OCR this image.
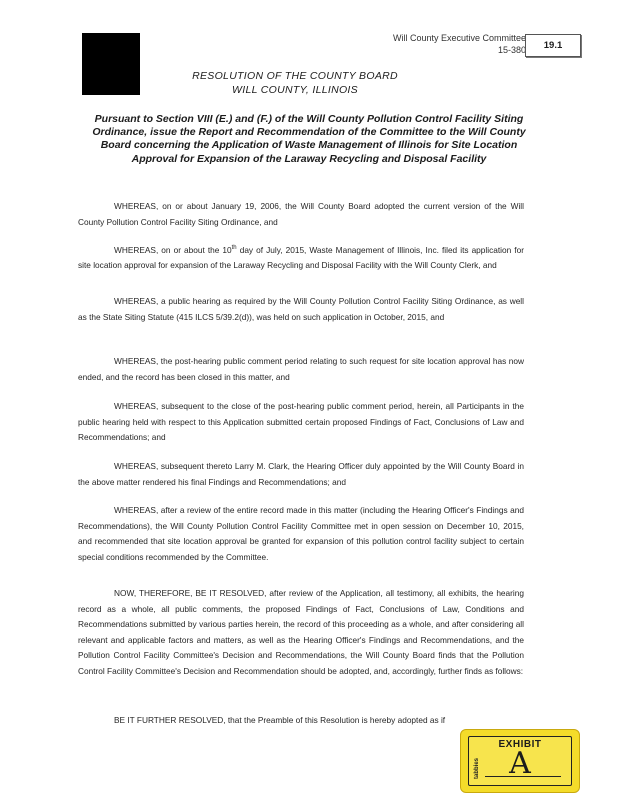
Will County Executive Committee
15-380	19.1
RESOLUTION OF THE COUNTY BOARD
WILL COUNTY, ILLINOIS
Pursuant to Section VIII (E.) and (F.) of the Will County Pollution Control Facility Siting Ordinance, issue the Report and Recommendation of the Committee to the Will County Board concerning the Application of Waste Management of Illinois for Site Location Approval for Expansion of the Laraway Recycling and Disposal Facility
WHEREAS, on or about January 19, 2006, the Will County Board adopted the current version of the Will County Pollution Control Facility Siting Ordinance, and
WHEREAS, on or about the 10th day of July, 2015, Waste Management of Illinois, Inc. filed its application for site location approval for expansion of the Laraway Recycling and Disposal Facility with the Will County Clerk, and
WHEREAS, a public hearing as required by the Will County Pollution Control Facility Siting Ordinance, as well as the State Siting Statute (415 ILCS 5/39.2(d)), was held on such application in October, 2015, and
WHEREAS, the post-hearing public comment period relating to such request for site location approval has now ended, and the record has been closed in this matter, and
WHEREAS, subsequent to the close of the post-hearing public comment period, herein, all Participants in the public hearing held with respect to this Application submitted certain proposed Findings of Fact, Conclusions of Law and Recommendations; and
WHEREAS, subsequent thereto Larry M. Clark, the Hearing Officer duly appointed by the Will County Board in the above matter rendered his final Findings and Recommendations; and
WHEREAS, after a review of the entire record made in this matter (including the Hearing Officer's Findings and Recommendations), the Will County Pollution Control Facility Committee met in open session on December 10, 2015, and recommended that site location approval be granted for expansion of this pollution control facility subject to certain special conditions recommended by the Committee.
NOW, THEREFORE, BE IT RESOLVED, after review of the Application, all testimony, all exhibits, the hearing record as a whole, all public comments, the proposed Findings of Fact, Conclusions of Law, Conditions and Recommendations submitted by various parties herein, the record of this proceeding as a whole, and after considering all relevant and applicable factors and matters, as well as the Hearing Officer's Findings and Recommendations, and the Pollution Control Facility Committee's Decision and Recommendations, the Will County Board finds that the Pollution Control Facility Committee's Decision and Recommendation should be adopted, and, accordingly, further finds as follows:
BE IT FURTHER RESOLVED, that the Preamble of this Resolution is hereby adopted as if
EXHIBIT
A
tabbies
